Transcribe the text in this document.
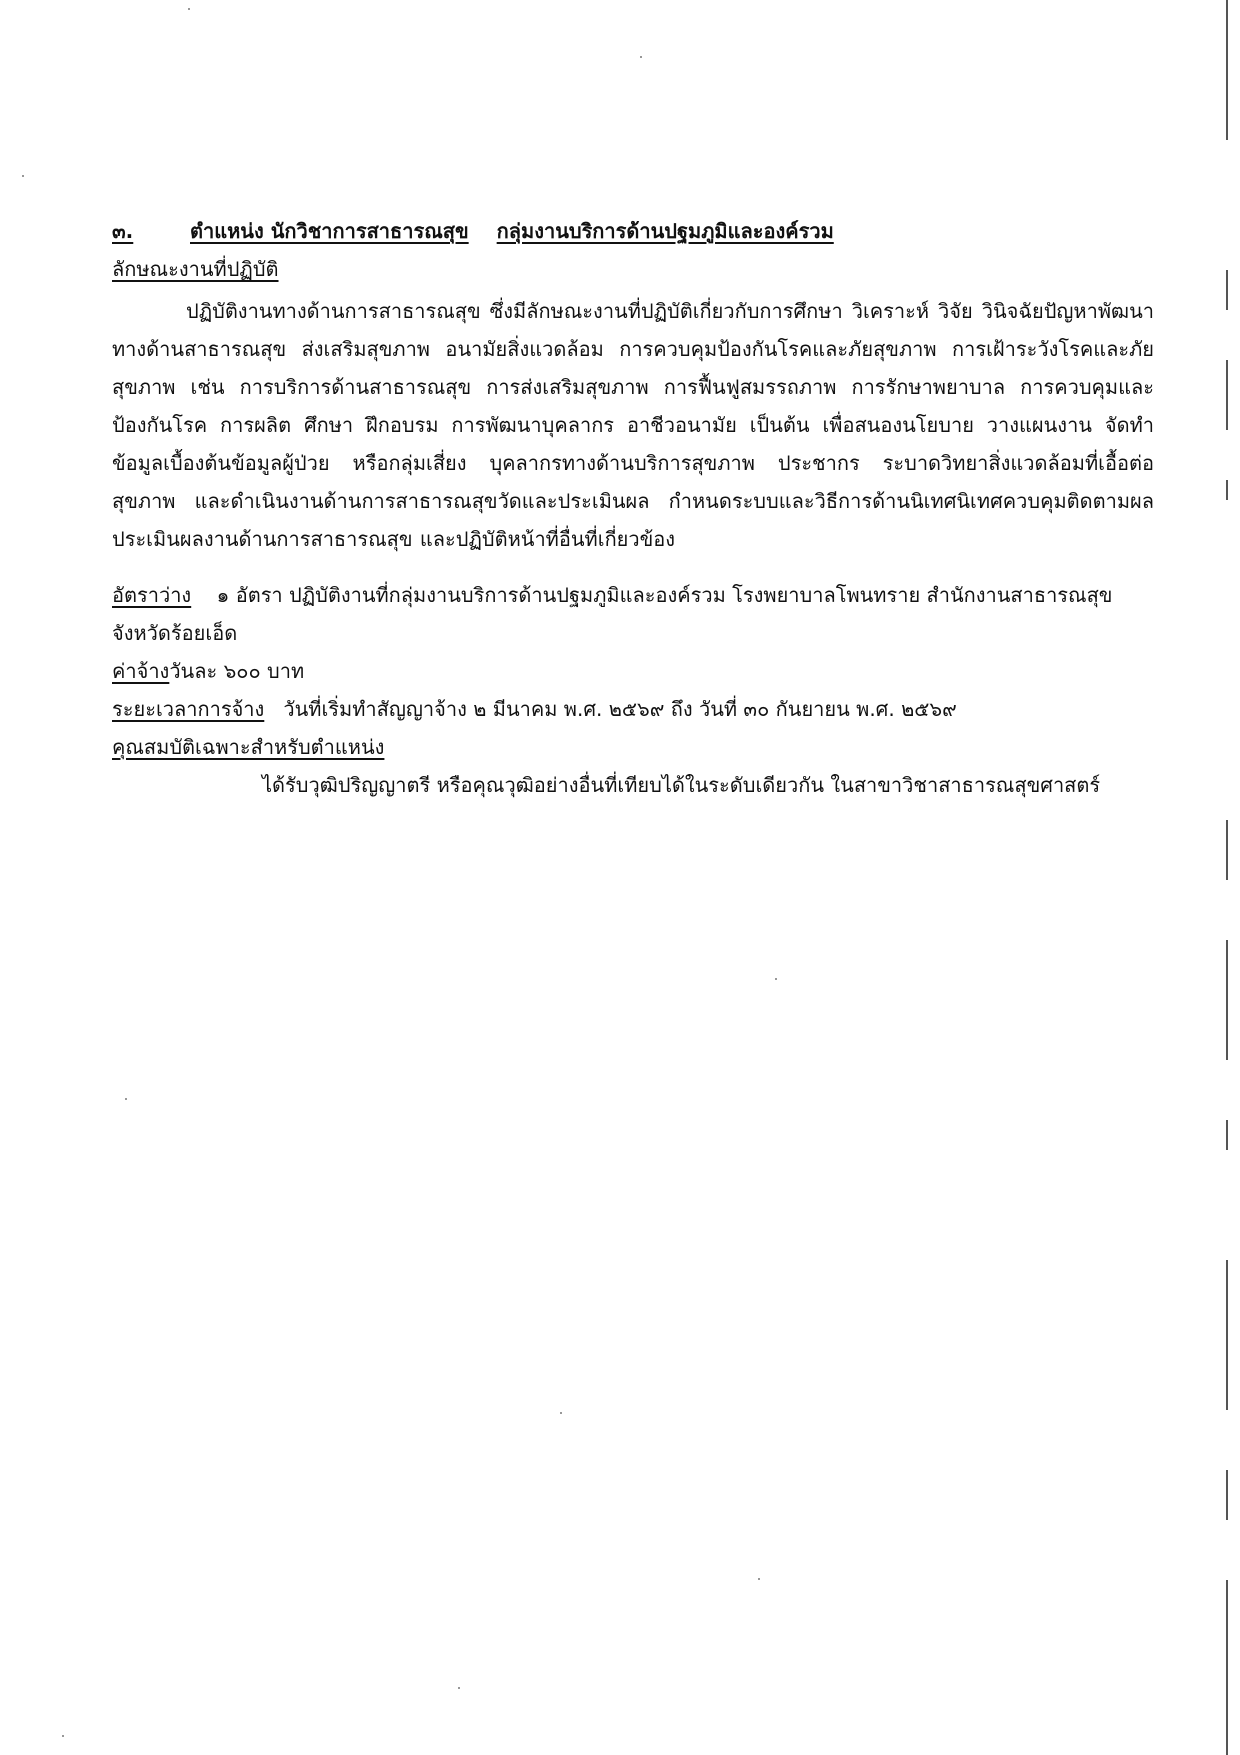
๓.	ตำแหน่ง นักวิชาการสาธารณสุข กลุ่มงานบริการด้านปฐมภูมิและองค์รวม
ลักษณะงานที่ปฏิบัติ

ปฏิบัติงานทางด้านการสาธารณสุข ซึ่งมีลักษณะงานที่ปฏิบัติเกี่ยวกับการศึกษา วิเคราะห์ วิจัย วินิจฉัยปัญหาพัฒนาทางด้านสาธารณสุข ส่งเสริมสุขภาพ อนามัยสิ่งแวดล้อม การควบคุมป้องกันโรคและภัยสุขภาพ การเฝ้าระวังโรคและภัยสุขภาพ เช่น การบริการด้านสาธารณสุข การส่งเสริมสุขภาพ การฟื้นฟูสมรรถภาพ การรักษาพยาบาล การควบคุมและป้องกันโรค การผลิต ศึกษา ฝึกอบรม การพัฒนาบุคลากร อาชีวอนามัย เป็นต้น เพื่อสนองนโยบาย วางแผนงาน จัดทำข้อมูลเบื้องต้นข้อมูลผู้ป่วย หรือกลุ่มเสี่ยง บุคลากรทางด้านบริการสุขภาพ ประชากร ระบาดวิทยาสิ่งแวดล้อมที่เอื้อต่อสุขภาพ และดำเนินงานด้านการสาธารณสุขวัดและประเมินผล กำหนดระบบและวิธีการด้านนิเทศนิเทศควบคุมติดตามผล ประเมินผลงานด้านการสาธารณสุข และปฏิบัติหน้าที่อื่นที่เกี่ยวข้อง

อัตราว่าง ๑ อัตรา ปฏิบัติงานที่กลุ่มงานบริการด้านปฐมภูมิและองค์รวม โรงพยาบาลโพนทราย สำนักงานสาธารณสุขจังหวัดร้อยเอ็ด
ค่าจ้างวันละ ๖๐๐ บาท
ระยะเวลาการจ้าง วันที่เริ่มทำสัญญาจ้าง ๒ มีนาคม พ.ศ. ๒๕๖๙ ถึง วันที่ ๓๐ กันยายน พ.ศ. ๒๕๖๙
คุณสมบัติเฉพาะสำหรับตำแหน่ง
ได้รับวุฒิปริญญาตรี หรือคุณวุฒิอย่างอื่นที่เทียบได้ในระดับเดียวกัน ในสาขาวิชาสาธารณสุขศาสตร์
